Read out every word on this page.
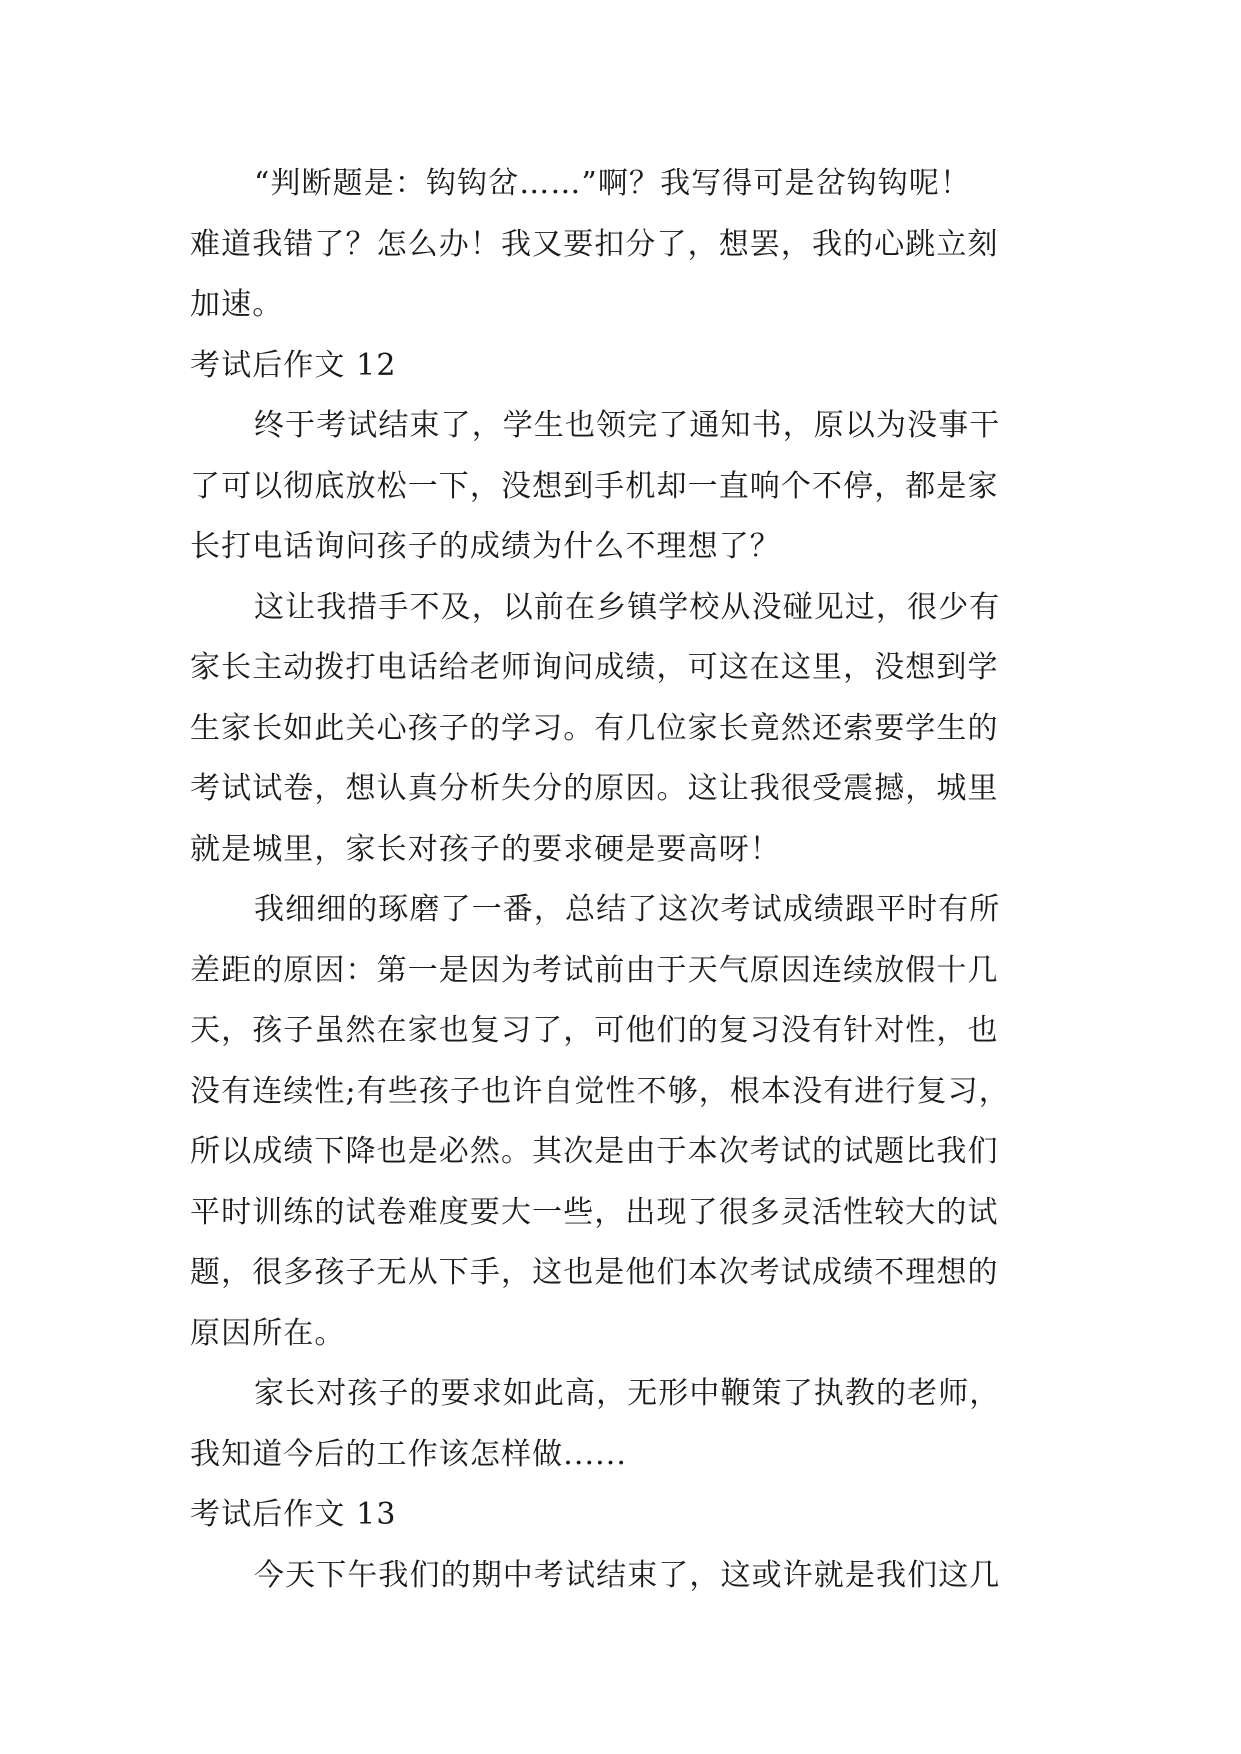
“判断题是：钩钩岔……”啊？我写得可是岔钩钩呢！
难道我错了？怎么办！我又要扣分了，想罢，我的心跳立刻
加速。
考试后作文 12
终于考试结束了，学生也领完了通知书，原以为没事干
了可以彻底放松一下，没想到手机却一直响个不停，都是家
长打电话询问孩子的成绩为什么不理想了？
这让我措手不及，以前在乡镇学校从没碰见过，很少有
家长主动拨打电话给老师询问成绩，可这在这里，没想到学
生家长如此关心孩子的学习。有几位家长竟然还索要学生的
考试试卷，想认真分析失分的原因。这让我很受震撼，城里
就是城里，家长对孩子的要求硬是要高呀！
我细细的琢磨了一番，总结了这次考试成绩跟平时有所
差距的原因：第一是因为考试前由于天气原因连续放假十几
天，孩子虽然在家也复习了，可他们的复习没有针对性，也
没有连续性;有些孩子也许自觉性不够，根本没有进行复习，
所以成绩下降也是必然。其次是由于本次考试的试题比我们
平时训练的试卷难度要大一些，出现了很多灵活性较大的试
题，很多孩子无从下手，这也是他们本次考试成绩不理想的
原因所在。
家长对孩子的要求如此高，无形中鞭策了执教的老师，
我知道今后的工作该怎样做......
考试后作文 13
今天下午我们的期中考试结束了，这或许就是我们这几
